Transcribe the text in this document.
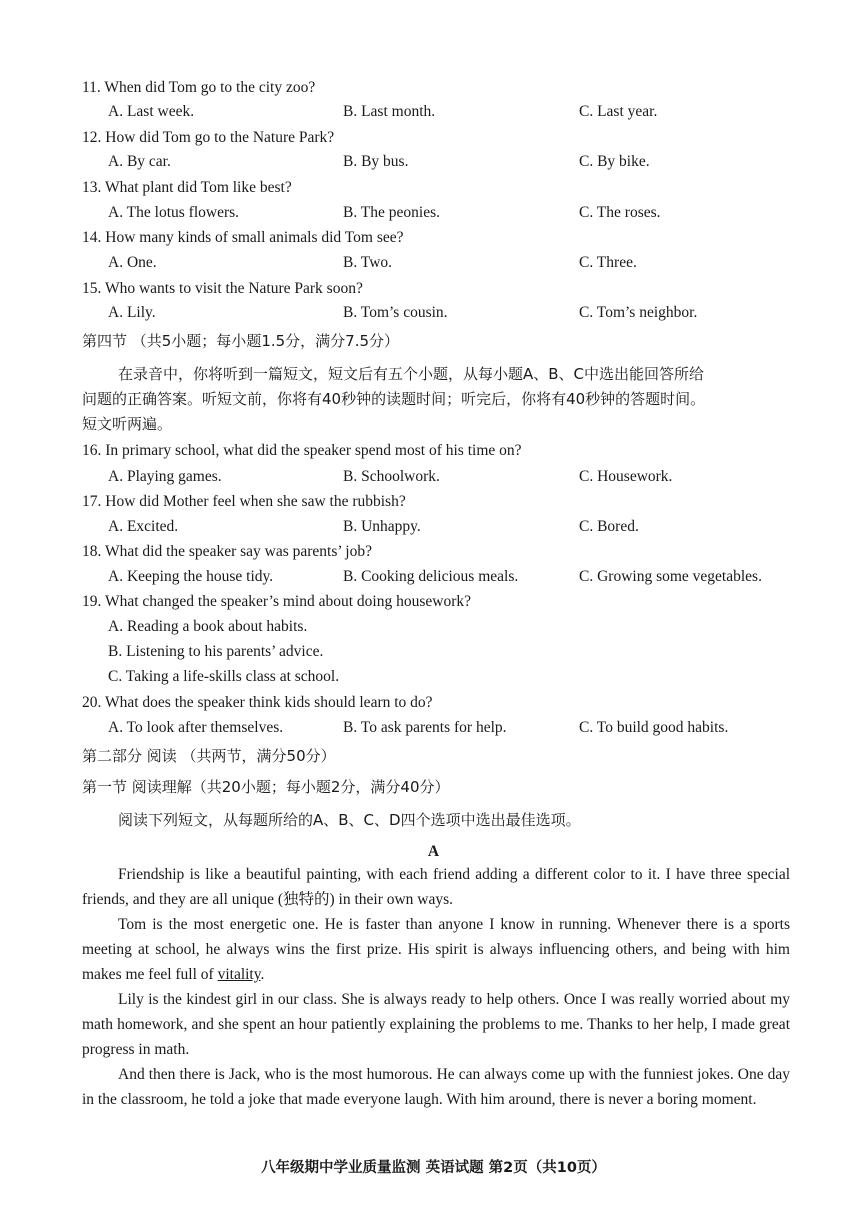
11. When did Tom go to the city zoo?
A. Last week.	B. Last month.	C. Last year.
12. How did Tom go to the Nature Park?
A. By car.	B. By bus.	C. By bike.
13. What plant did Tom like best?
A. The lotus flowers.	B. The peonies.	C. The roses.
14. How many kinds of small animals did Tom see?
A. One.	B. Two.	C. Three.
15. Who wants to visit the Nature Park soon?
A. Lily.	B. Tom’s cousin.	C. Tom’s neighbor.
第四节 （共5小题；每小题1.5分，满分7.5分）
在录音中，你将听到一篇短文，短文后有五个小题，从每小题A、B、C中选出能回答所给
问题的正确答案。听短文前，你将有40秒钟的读题时间；听完后，你将有40秒钟的答题时间。
短文听两遍。
16. In primary school, what did the speaker spend most of his time on?
A. Playing games.	B. Schoolwork.	C. Housework.
17. How did Mother feel when she saw the rubbish?
A. Excited.	B. Unhappy.	C. Bored.
18. What did the speaker say was parents’ job?
A. Keeping the house tidy.	B. Cooking delicious meals.	C. Growing some vegetables.
19. What changed the speaker’s mind about doing housework?
A. Reading a book about habits.
B. Listening to his parents’ advice.
C. Taking a life-skills class at school.
20. What does the speaker think kids should learn to do?
A. To look after themselves.	B. To ask parents for help.	C. To build good habits.
第二部分 阅读 （共两节，满分50分）
第一节 阅读理解（共20小题；每小题2分，满分40分）
阅读下列短文，从每题所给的A、B、C、D四个选项中选出最佳选项。
A

Friendship is like a beautiful painting, with each friend adding a different color to it. I have three special friends, and they are all unique (独特的) in their own ways.

Tom is the most energetic one. He is faster than anyone I know in running. Whenever there is a sports meeting at school, he always wins the first prize. His spirit is always influencing others, and being with him makes me feel full of vitality.

Lily is the kindest girl in our class. She is always ready to help others. Once I was really worried about my math homework, and she spent an hour patiently explaining the problems to me. Thanks to her help, I made great progress in math.

And then there is Jack, who is the most humorous. He can always come up with the funniest jokes. One day in the classroom, he told a joke that made everyone laugh. With him around, there is never a boring moment.

八年级期中学业质量监测 英语试题 第2页（共10页）
